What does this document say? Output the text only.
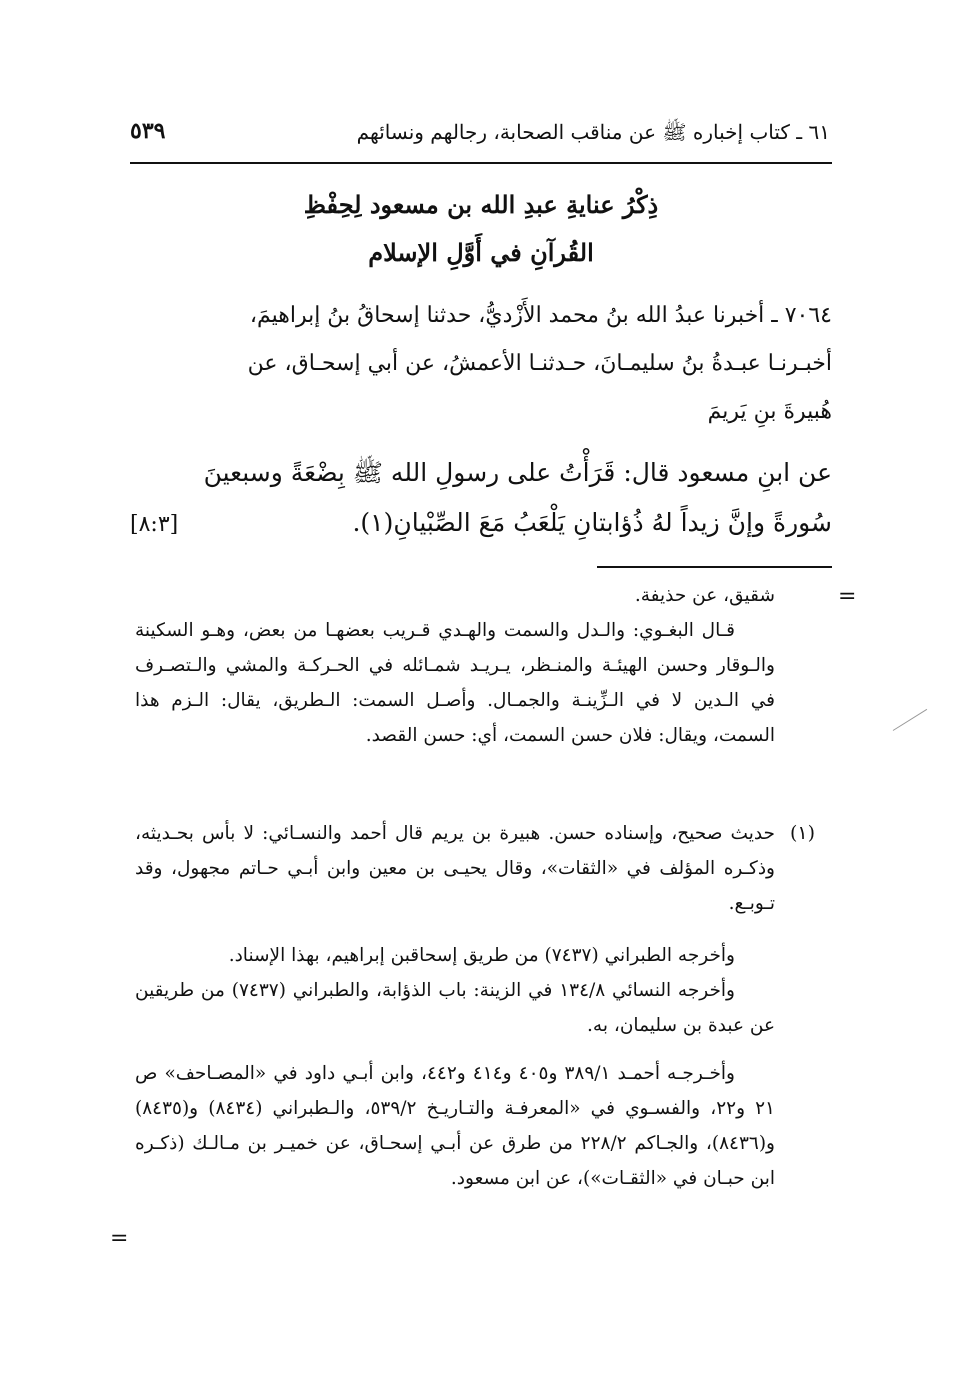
٦١ ـ كتاب إخباره ﷺ عن مناقب الصحابة، رجالهم ونسائهم
٥٣٩
ذِكْرُ عنايةِ عبدِ الله بن مسعود لِحِفْظِ
القُرآنِ في أَوَّلِ الإسلام

٧٠٦٤ ـ أخبرنا عبدُ الله بنُ محمد الأَزْديُّ، حدثنا إسحاقُ بنُ إبراهيمَ،

أخبـرنـا عبـدةُ بنُ سليمـانَ، حـدثنـا الأعمشُ، عن أبي إسحـاق، عن

هُبيرةَ بنِ يَريمَ

عن ابنِ مسعود قال: قَرَأْتُ على رسولِ الله ﷺ بِضْعَةً وسبعينَ
سُورةً وإنَّ زيداً لهُ ذُؤابتانِ يَلْعَبُ مَعَ الصِّبْيانِ(١).
[٨:٣]
=

شقيق، عن حذيفة.

قـال البغـوي: والـدل والسمت والهـدي قـريب بعضهـا من بعض، وهـو السكينة والـوقار وحسن الهيئـة والمنـظر، يـريـد شمـائله في الحـركـة والمشي والـتصـرف في الـدين لا في الـزِّينـة والجمـال. وأصـل السمت: الـطريق، يقال: الـزم هذا السمت، ويقال: فلان حسن السمت، أي: حسن القصد.

(١)

حديث صحيح، وإسناده حسن. هبيرة بن يريم قال أحمد والنسـائي: لا بأس بحـديثه، وذكـره المؤلف في «الثقات»، وقال يحيـى بن معين وابن أبـي حـاتم مجهول، وقد تـوبـع.

وأخرجه الطبراني (٧٤٣٧) من طريق إسحاقبن إبراهيم، بهذا الإسناد.

وأخرجه النسائي ١٣٤/٨ في الزينة: باب الذؤابة، والطبراني (٧٤٣٧) من طريقين عن عبدة بن سليمان، به.

وأخـرجـه أحمـد ٣٨٩/١ و٤٠٥ و٤١٤ و٤٤٢، وابن أبـي داود في «المصـاحف» ص ٢١ و٢٢، والفسـوي في «المعرفـة والتـاريـخ ٥٣٩/٢، والـطبراني (٨٤٣٤) و(٨٤٣٥) و(٨٤٣٦)، والجـاكم ٢٢٨/٢ من طرق عن أبـي إسحـاق، عن خميـر بن مـالـك (ذكـره ابن حبـان في «الثقـات»)، عن ابن مسعود.

=
